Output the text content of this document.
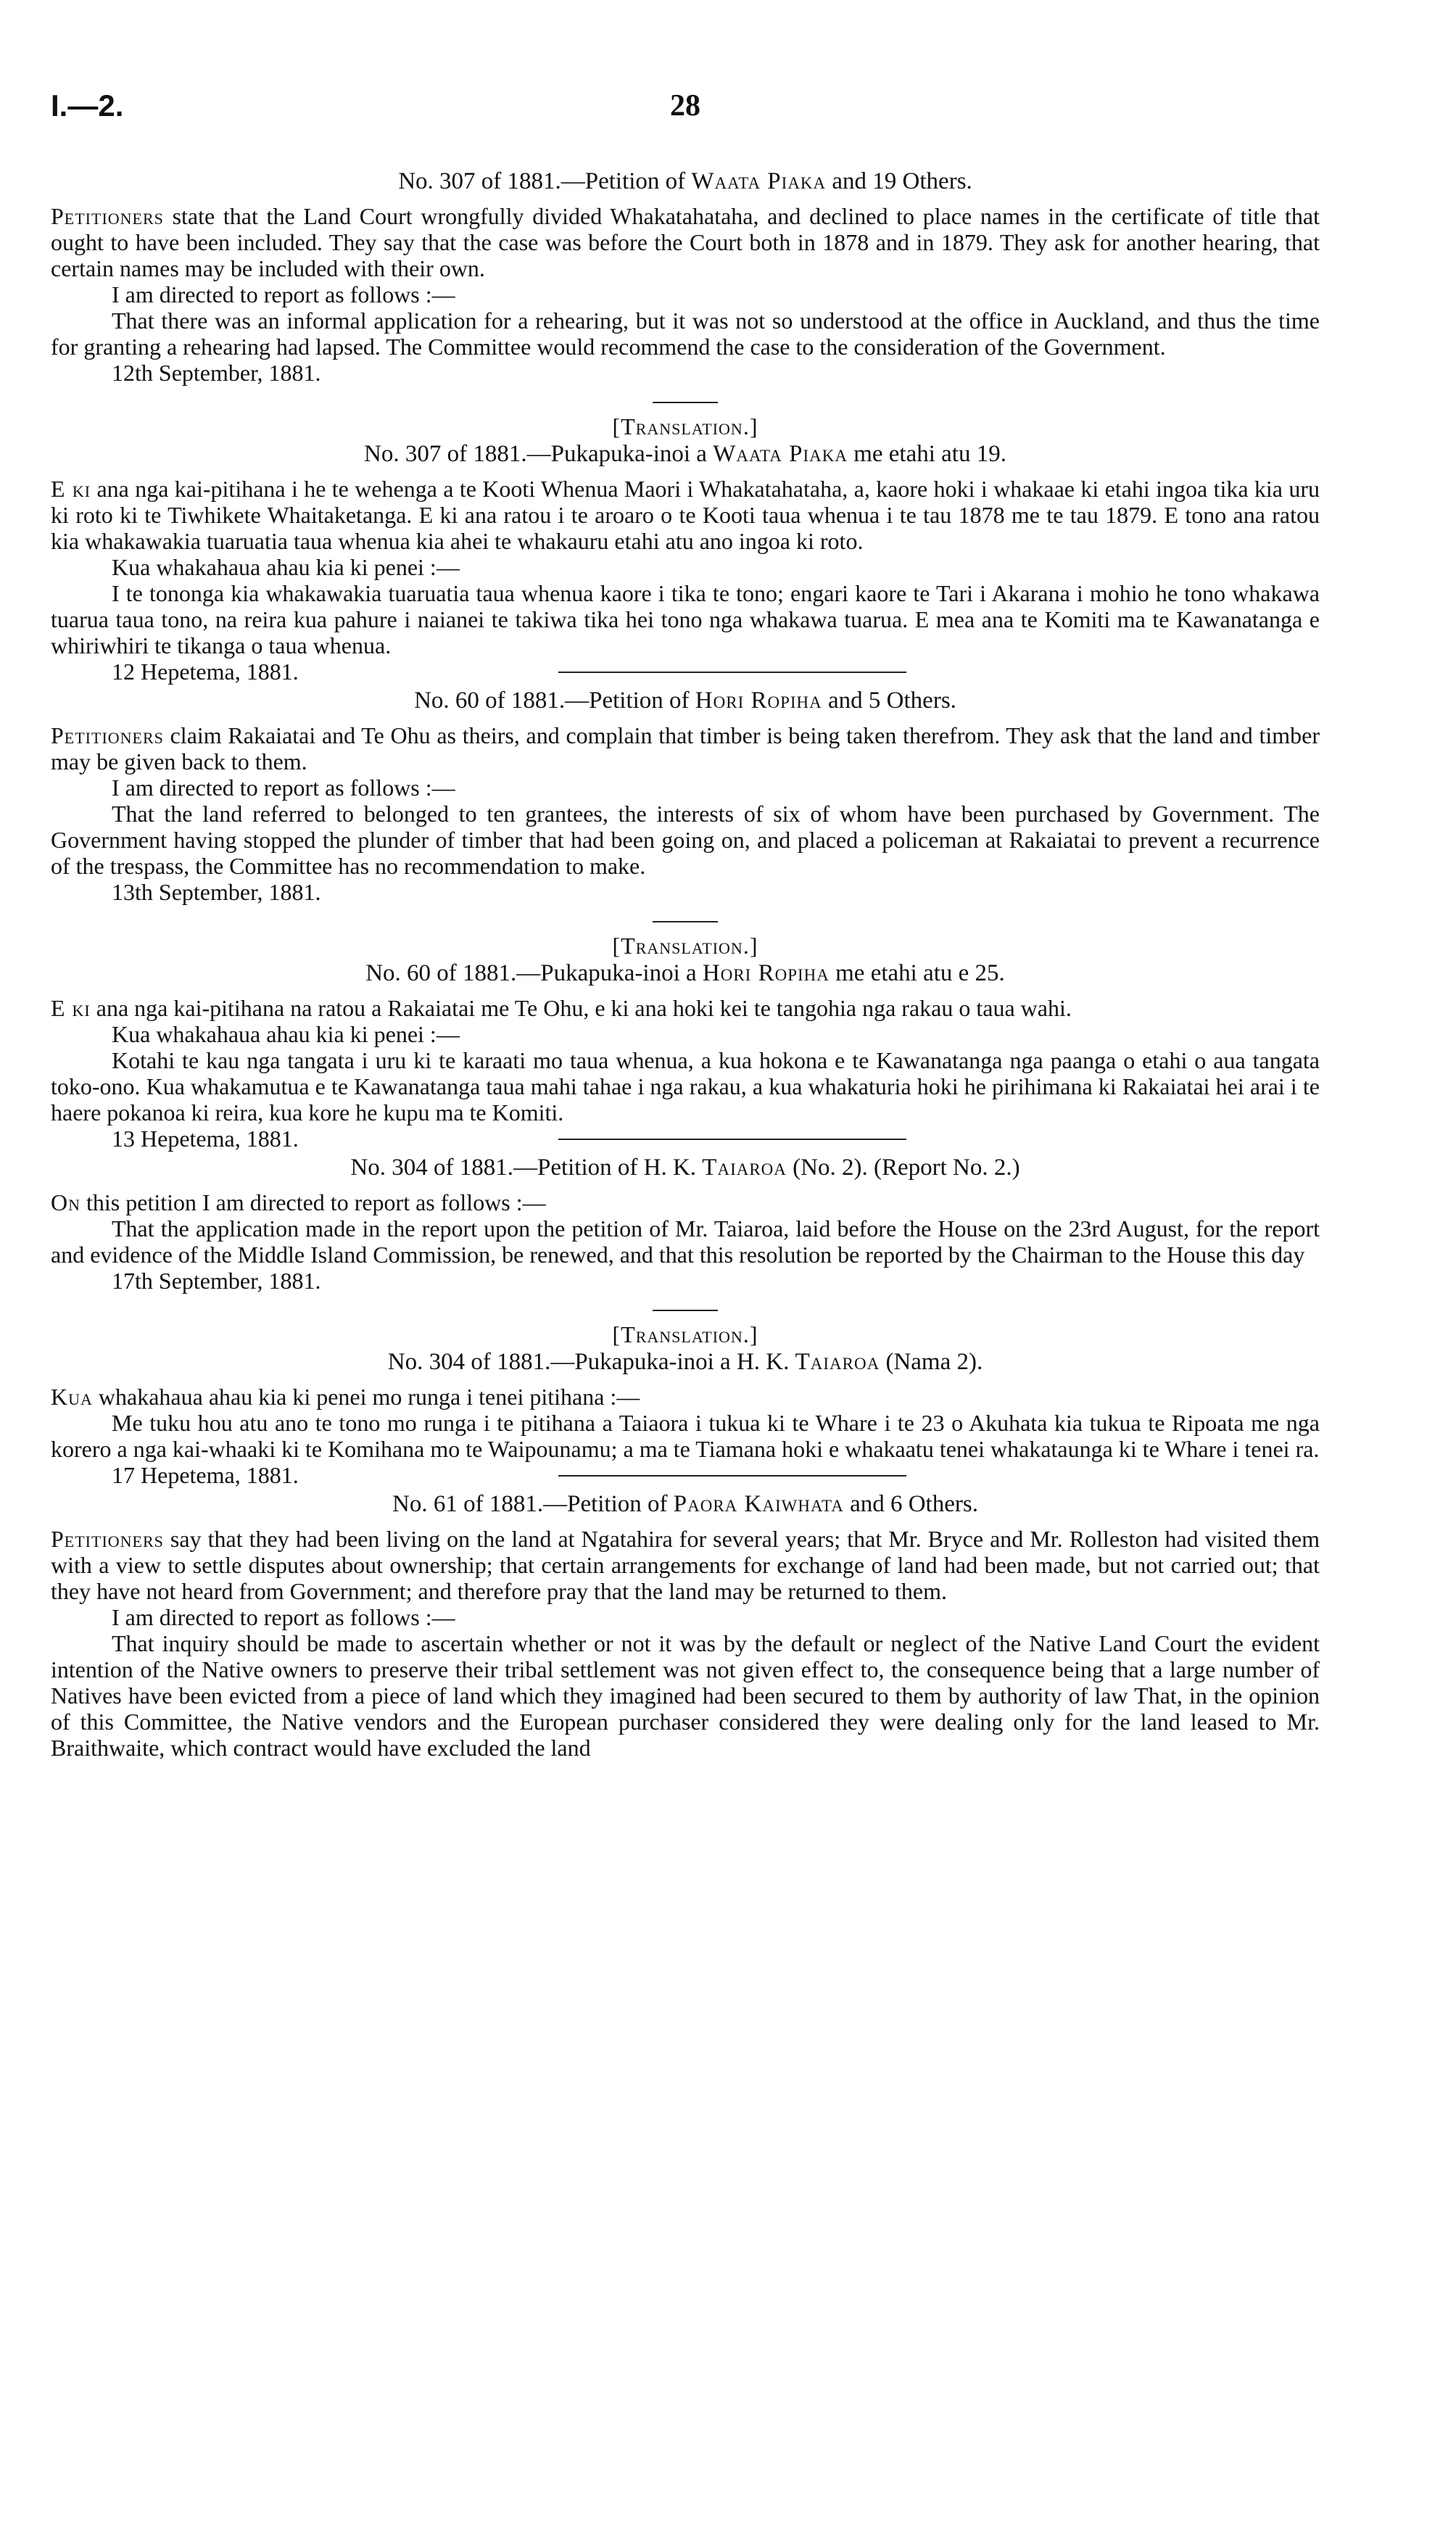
I.—2.	28

No. 307 of 1881.—Petition of Waata Piaka and 19 Others.

Petitioners state that the Land Court wrongfully divided Whakatahataha, and declined to place names in the certificate of title that ought to have been included. They say that the case was before the Court both in 1878 and in 1879. They ask for another hearing, that certain names may be included with their own.

I am directed to report as follows :—

That there was an informal application for a rehearing, but it was not so understood at the office in Auckland, and thus the time for granting a rehearing had lapsed. The Committee would recommend the case to the consideration of the Government.

12th September, 1881.

[Translation.]

No. 307 of 1881.—Pukapuka-inoi a Waata Piaka me etahi atu 19.

E ki ana nga kai-pitihana i he te wehenga a te Kooti Whenua Maori i Whakatahataha, a, kaore hoki i whakaae ki etahi ingoa tika kia uru ki roto ki te Tiwhikete Whaitaketanga. E ki ana ratou i te aroaro o te Kooti taua whenua i te tau 1878 me te tau 1879. E tono ana ratou kia whakawakia tuaruatia taua whenua kia ahei te whakauru etahi atu ano ingoa ki roto.

Kua whakahaua ahau kia ki penei :—

I te tononga kia whakawakia tuaruatia taua whenua kaore i tika te tono; engari kaore te Tari i Akarana i mohio he tono whakawa tuarua taua tono, na reira kua pahure i naianei te takiwa tika hei tono nga whakawa tuarua. E mea ana te Komiti ma te Kawanatanga e whiriwhiri te tikanga o taua whenua.

12 Hepetema, 1881.

No. 60 of 1881.—Petition of Hori Ropiha and 5 Others.

Petitioners claim Rakaiatai and Te Ohu as theirs, and complain that timber is being taken therefrom. They ask that the land and timber may be given back to them.

I am directed to report as follows :—

That the land referred to belonged to ten grantees, the interests of six of whom have been purchased by Government. The Government having stopped the plunder of timber that had been going on, and placed a policeman at Rakaiatai to prevent a recurrence of the trespass, the Committee has no recommendation to make.

13th September, 1881.

[Translation.]

No. 60 of 1881.—Pukapuka-inoi a Hori Ropiha me etahi atu e 25.

E ki ana nga kai-pitihana na ratou a Rakaiatai me Te Ohu, e ki ana hoki kei te tangohia nga rakau o taua wahi.

Kua whakahaua ahau kia ki penei :—

Kotahi te kau nga tangata i uru ki te karaati mo taua whenua, a kua hokona e te Kawanatanga nga paanga o etahi o aua tangata toko-ono. Kua whakamutua e te Kawanatanga taua mahi tahae i nga rakau, a kua whakaturia hoki he pirihimana ki Rakaiatai hei arai i te haere pokanoa ki reira, kua kore he kupu ma te Komiti.

13 Hepetema, 1881.

No. 304 of 1881.—Petition of H. K. Taiaroa (No. 2). (Report No. 2.)

On this petition I am directed to report as follows :—

That the application made in the report upon the petition of Mr. Taiaroa, laid before the House on the 23rd August, for the report and evidence of the Middle Island Commission, be renewed, and that this resolution be reported by the Chairman to the House this day

17th September, 1881.

[Translation.]

No. 304 of 1881.—Pukapuka-inoi a H. K. Taiaroa (Nama 2).

Kua whakahaua ahau kia ki penei mo runga i tenei pitihana :—

Me tuku hou atu ano te tono mo runga i te pitihana a Taiaora i tukua ki te Whare i te 23 o Akuhata kia tukua te Ripoata me nga korero a nga kai-whaaki ki te Komihana mo te Waipounamu; a ma te Tiamana hoki e whakaatu tenei whakataunga ki te Whare i tenei ra.

17 Hepetema, 1881.

No. 61 of 1881.—Petition of Paora Kaiwhata and 6 Others.

Petitioners say that they had been living on the land at Ngatahira for several years; that Mr. Bryce and Mr. Rolleston had visited them with a view to settle disputes about ownership; that certain arrangements for exchange of land had been made, but not carried out; that they have not heard from Government; and therefore pray that the land may be returned to them.

I am directed to report as follows :—

That inquiry should be made to ascertain whether or not it was by the default or neglect of the Native Land Court the evident intention of the Native owners to preserve their tribal settlement was not given effect to, the consequence being that a large number of Natives have been evicted from a piece of land which they imagined had been secured to them by authority of law That, in the opinion of this Committee, the Native vendors and the European purchaser considered they were dealing only for the land leased to Mr. Braithwaite, which contract would have excluded the land
